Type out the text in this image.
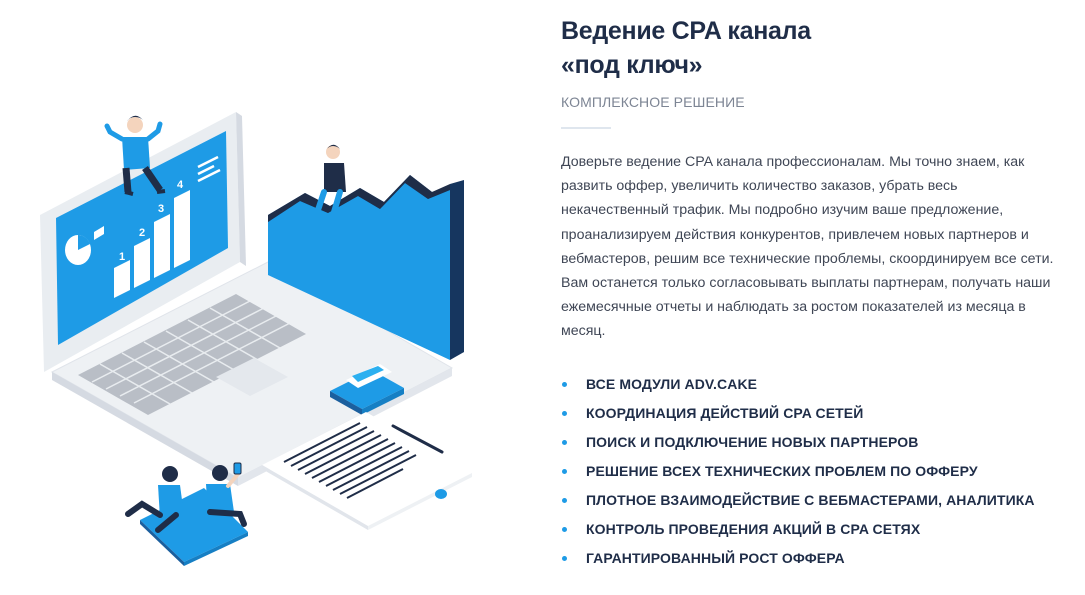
1
2
3
4
Ведение CPA канала
«под ключ»
КОМПЛЕКСНОЕ РЕШЕНИЕ

Доверьте ведение CPA канала профессионалам. Мы точно знаем, как развить оффер, увеличить количество заказов, убрать весь некачественный трафик. Мы подробно изучим ваше предложение, проанализируем действия конкурентов, привлечем новых партнеров и вебмастеров, решим все технические проблемы, скоординируем все сети. Вам останется только согласовывать выплаты партнерам, получать наши ежемесячные отчеты и наблюдать за ростом показателей из месяца в месяц.

ВСЕ МОДУЛИ ADV.CAKE
КООРДИНАЦИЯ ДЕЙСТВИЙ CPA СЕТЕЙ
ПОИСК И ПОДКЛЮЧЕНИЕ НОВЫХ ПАРТНЕРОВ
РЕШЕНИЕ ВСЕХ ТЕХНИЧЕСКИХ ПРОБЛЕМ ПО ОФФЕРУ
ПЛОТНОЕ ВЗАИМОДЕЙСТВИЕ С ВЕБМАСТЕРАМИ, АНАЛИТИКА
КОНТРОЛЬ ПРОВЕДЕНИЯ АКЦИЙ В CPA СЕТЯХ
ГАРАНТИРОВАННЫЙ РОСТ ОФФЕРА
